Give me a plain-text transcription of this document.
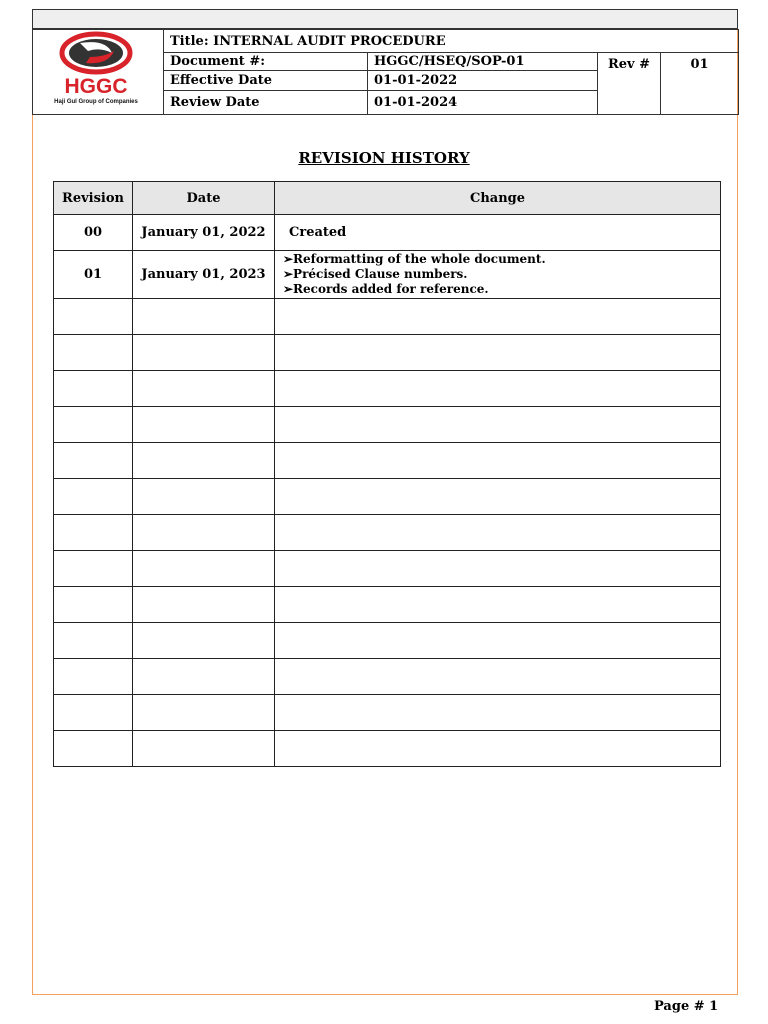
HGGC
Haji Gul Group of Companies	Title: INTERNAL AUDIT PROCEDURE			
	Document #:	HGGC/HSEQ/SOP-01	Rev #	01
	Effective Date	01-01-2022		
	Review Date	01-01-2024		
REVISION HISTORY
Revision	Date	Change
00	January 01, 2022	Created
01	January 01, 2023	➢Reformatting of the whole document.
➢Précised Clause numbers.
➢Records added for reference.

Page # 1
